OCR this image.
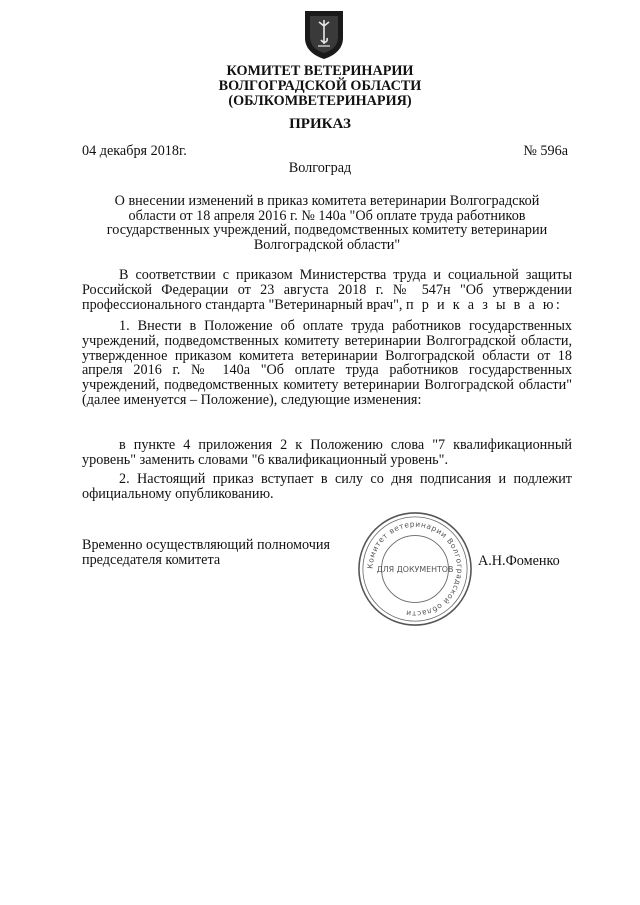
КОМИТЕТ ВЕТЕРИНАРИИ
ВОЛГОГРАДСКОЙ ОБЛАСТИ
(ОБЛКОМВЕТЕРИНАРИЯ)
ПРИКАЗ
04 декабря 2018г.	№ 596а
Волгоград
О внесении изменений в приказ комитета ветеринарии Волгоградской
области от 18 апреля 2016 г. № 140а "Об оплате труда работников
государственных учреждений, подведомственных комитету ветеринарии
Волгоградской области"
В соответствии с приказом Министерства труда и социальной защиты Российской Федерации от 23 августа 2018 г. № 547н "Об утверждении профессионального стандарта "Ветеринарный врач", п р и к а з ы в а ю:
1. Внести в Положение об оплате труда работников государственных учреждений, подведомственных комитету ветеринарии Волгоградской области, утвержденное приказом комитета ветеринарии Волгоградской области от 18 апреля 2016 г. № 140а "Об оплате труда работников государственных учреждений, подведомственных комитету ветеринарии Волгоградской области" (далее именуется – Положение), следующие изменения:
в пункте 4 приложения 2 к Положению слова "7 квалификационный уровень" заменить словами "6 квалификационный уровень".
2. Настоящий приказ вступает в силу со дня подписания и подлежит официальному опубликованию.
Временно осуществляющий полномочия
председателя комитета	А.Н.Фоменко
Комитет ветеринарии Волгоградской области
ДЛЯ ДОКУМЕНТОВ
